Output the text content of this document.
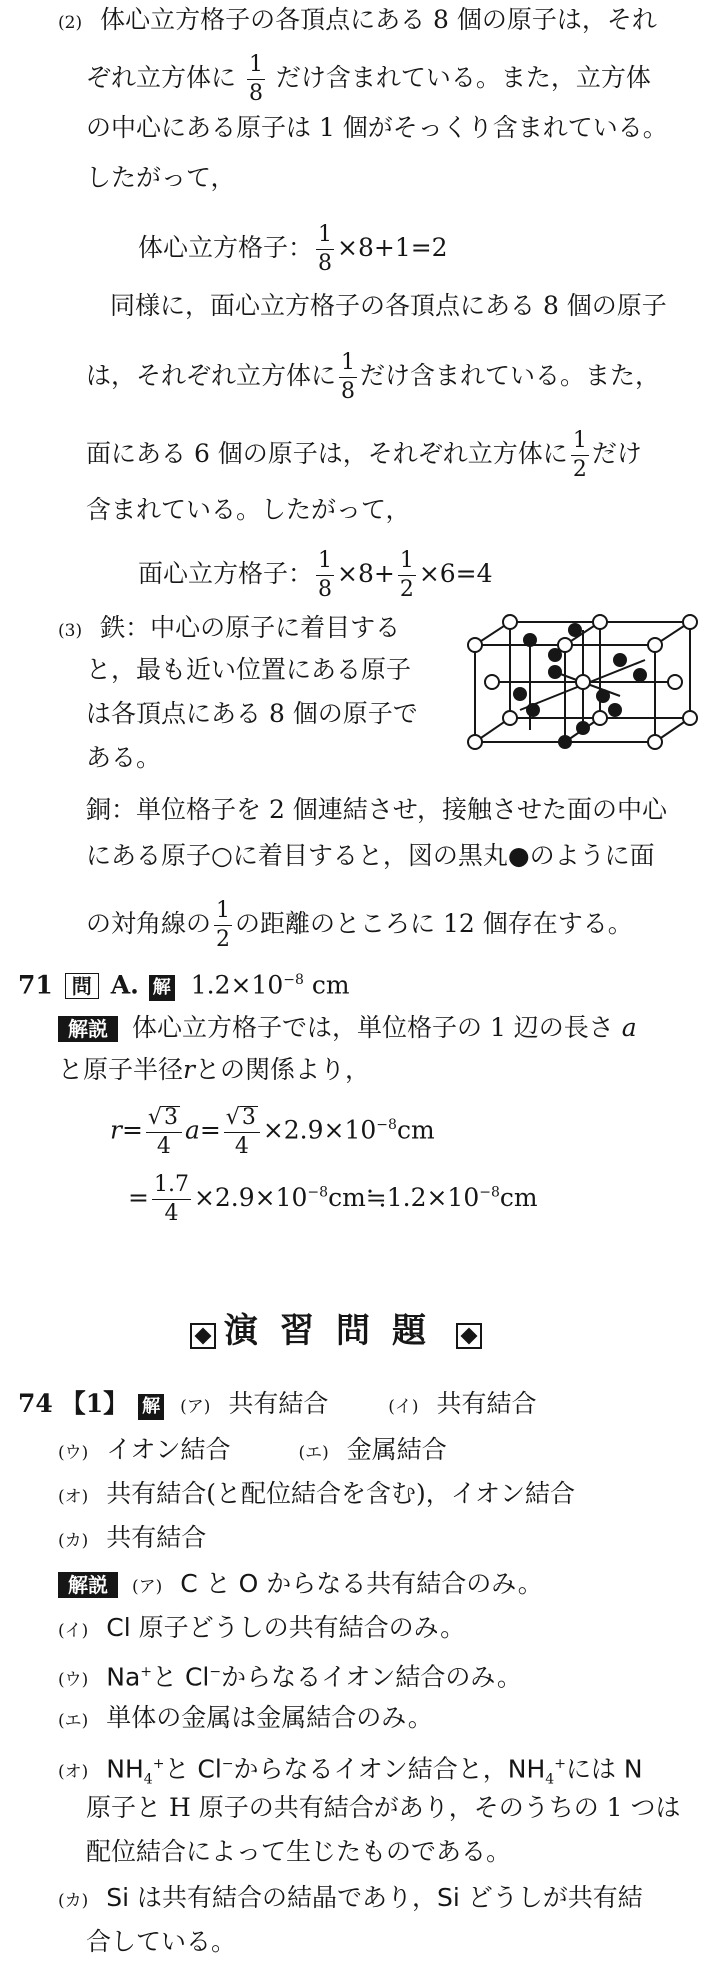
(2) 体心立方格子の各頂点にある 8 個の原子は，それ
ぞれ立方体に $\frac{1}{8}$ だけ含まれている。また，立方体
の中心にある原子は 1 個がそっくり含まれている。
したがって，
体心立方格子： $\frac{1}{8} \times 8+1=2$
同様に，面心立方格子の各頂点にある 8 個の原子
は，それぞれ立方体に $\frac{1}{8}$ だけ含まれている。また，
面にある 6 個の原子は，それぞれ立方体に $\frac{1}{2}$ だけ
含まれている。したがって，
面心立方格子： $\frac{1}{8} \times 8+ \frac{1}{2} \times 6=4$
(3) 鉄：中心の原子に着目する
と，最も近い位置にある原子
は各頂点にある 8 個の原子で
ある。
銅：単位格子を 2 個連結させ，接触させた面の中心
にある原子○に着目すると，図の黒丸●のように面
の対角線の $\frac{1}{2}$ の距離のところに 12 個存在する。
71 問 A. 解 $1.2\times 10^{-8}$ cm
解説 体心立方格子では，単位格子の 1 辺の長さ a
と原子半径rとの関係より，
$r= \frac{√3}{4} a= \frac{√3}{4} \times 2.9\times 10^{-8}cm$
= $\frac{1.7}{4}$ $\times 2.9\times 10^{-8}cm≒1.2\times 10^{-8}cm$
演習問題
74 【1】 解 (ア) 共有結合	(イ) 共有結合
(ウ) イオン結合	(エ) 金属結合
(オ) 共有結合(と配位結合を含む)，イオン結合
(カ) 共有結合
解説 (ア) C と O からなる共有結合のみ。
(イ) Cl 原子どうしの共有結合のみ。
(ウ) Na+と Cl−からなるイオン結合のみ。
(エ) 単体の金属は金属結合のみ。
(オ) $NH_4^+$と Cl−からなるイオン結合と，$NH_4^+$には N
原子と H 原子の共有結合があり，そのうちの 1 つは
配位結合によって生じたものである。
(カ) Si は共有結合の結晶であり，Si どうしが共有結
合している。
